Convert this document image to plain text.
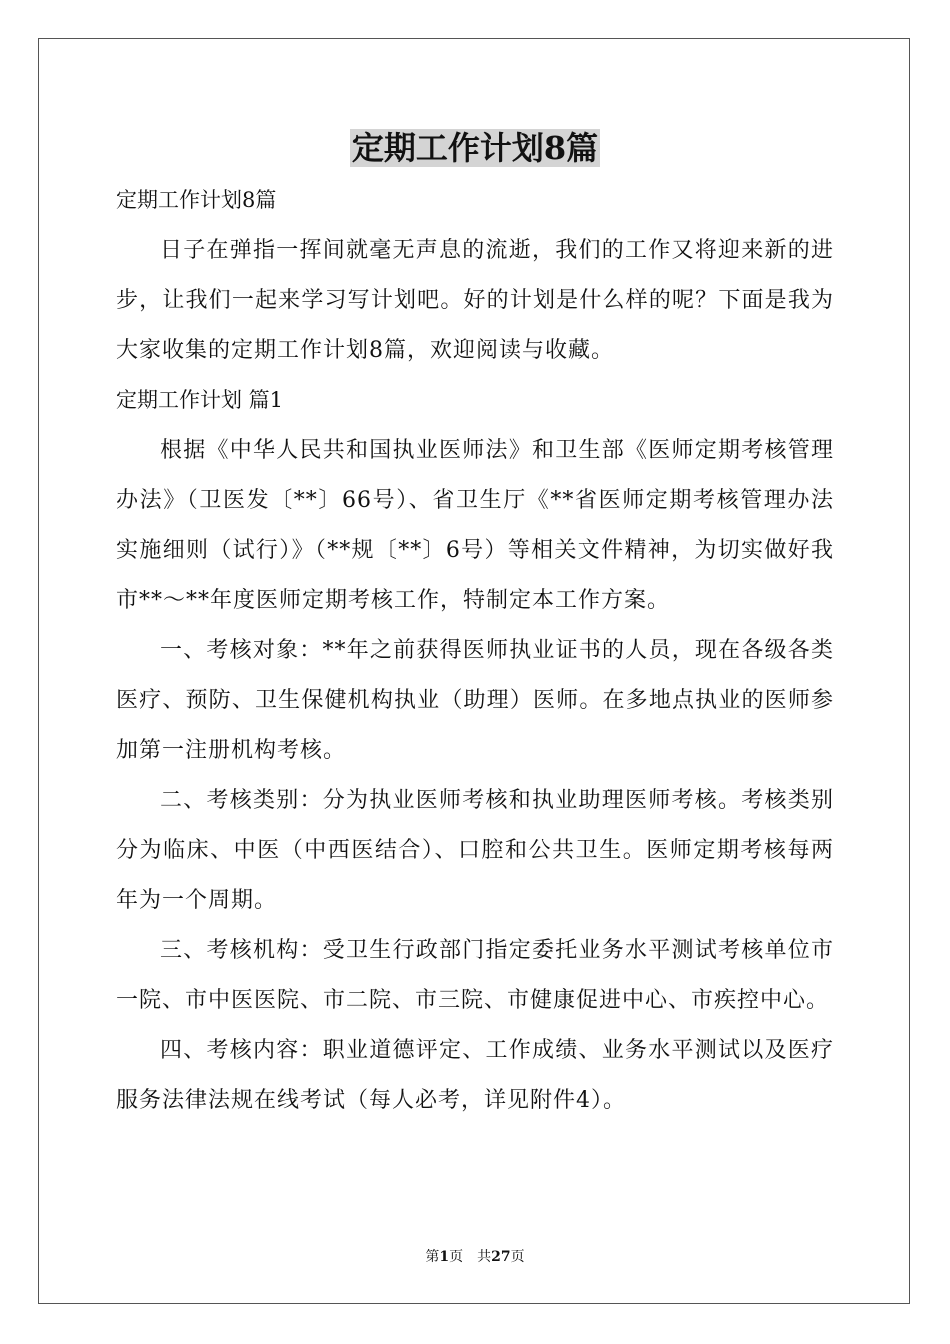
定期工作计划8篇

定期工作计划8篇

日子在弹指一挥间就毫无声息的流逝，我们的工作又将迎来新的进步，让我们一起来学习写计划吧。好的计划是什么样的呢？下面是我为大家收集的定期工作计划8篇，欢迎阅读与收藏。

定期工作计划 篇1

根据《中华人民共和国执业医师法》和卫生部《医师定期考核管理办法》（卫医发〔**〕66号）、省卫生厅《**省医师定期考核管理办法实施细则（试行）》（**规〔**〕6号）等相关文件精神，为切实做好我市**～**年度医师定期考核工作，特制定本工作方案。

一、考核对象：**年之前获得医师执业证书的人员，现在各级各类医疗、预防、卫生保健机构执业（助理）医师。在多地点执业的医师参加第一注册机构考核。

二、考核类别：分为执业医师考核和执业助理医师考核。考核类别分为临床、中医（中西医结合）、口腔和公共卫生。医师定期考核每两年为一个周期。

三、考核机构：受卫生行政部门指定委托业务水平测试考核单位市一院、市中医医院、市二院、市三院、市健康促进中心、市疾控中心。

四、考核内容：职业道德评定、工作成绩、业务水平测试以及医疗服务法律法规在线考试（每人必考，详见附件4）。

第1页　共27页
